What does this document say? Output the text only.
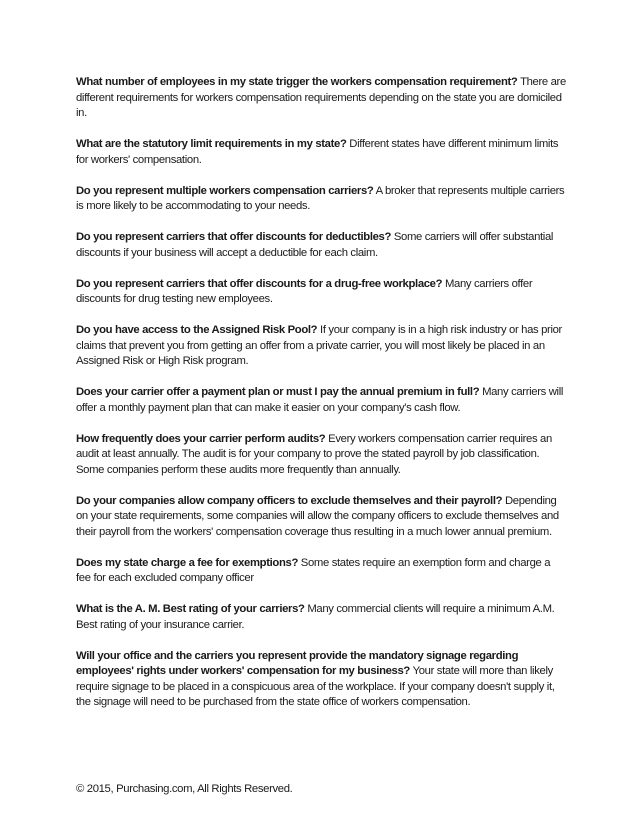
What number of employees in my state trigger the workers compensation requirement? There are different requirements for workers compensation requirements depending on the state you are domiciled in.

What are the statutory limit requirements in my state? Different states have different minimum limits for workers' compensation.

Do you represent multiple workers compensation carriers? A broker that represents multiple carriers is more likely to be accommodating to your needs.

Do you represent carriers that offer discounts for deductibles? Some carriers will offer substantial discounts if your business will accept a deductible for each claim.

Do you represent carriers that offer discounts for a drug-free workplace? Many carriers offer discounts for drug testing new employees.

Do you have access to the Assigned Risk Pool? If your company is in a high risk industry or has prior claims that prevent you from getting an offer from a private carrier, you will most likely be placed in an Assigned Risk or High Risk program.

Does your carrier offer a payment plan or must I pay the annual premium in full? Many carriers will offer a monthly payment plan that can make it easier on your company's cash flow.

How frequently does your carrier perform audits? Every workers compensation carrier requires an audit at least annually. The audit is for your company to prove the stated payroll by job classification. Some companies perform these audits more frequently than annually.

Do your companies allow company officers to exclude themselves and their payroll? Depending on your state requirements, some companies will allow the company officers to exclude themselves and their payroll from the workers' compensation coverage thus resulting in a much lower annual premium.

Does my state charge a fee for exemptions? Some states require an exemption form and charge a fee for each excluded company officer

What is the A. M. Best rating of your carriers? Many commercial clients will require a minimum A.M. Best rating of your insurance carrier.

Will your office and the carriers you represent provide the mandatory signage regarding employees' rights under workers' compensation for my business? Your state will more than likely require signage to be placed in a conspicuous area of the workplace. If your company doesn't supply it, the signage will need to be purchased from the state office of workers compensation.

© 2015, Purchasing.com, All Rights Reserved.
